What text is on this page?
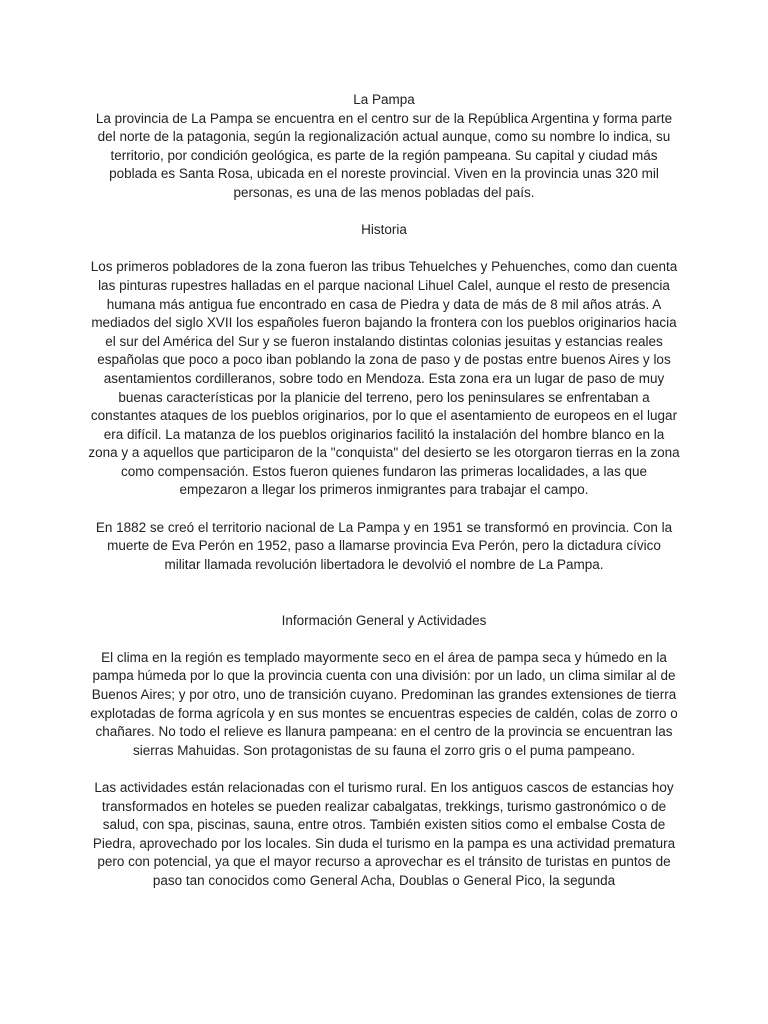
La Pampa

La provincia de La Pampa se encuentra en el centro sur de la República Argentina y forma parte del norte de la patagonia, según la regionalización actual aunque, como su nombre lo indica, su territorio, por condición geológica, es parte de la región pampeana. Su capital y ciudad más poblada es Santa Rosa, ubicada en el noreste provincial. Viven en la provincia unas 320 mil personas, es una de las menos pobladas del país.

Historia

Los primeros pobladores de la zona fueron las tribus Tehuelches y Pehuenches, como dan cuenta las pinturas rupestres halladas en el parque nacional Lihuel Calel, aunque el resto de presencia humana más antigua fue encontrado en casa de Piedra y data de más de 8 mil años atrás. A mediados del siglo XVII los españoles fueron bajando la frontera con los pueblos originarios hacia el sur del América del Sur y se fueron instalando distintas colonias jesuitas y estancias reales españolas que poco a poco iban poblando la zona de paso y de postas entre buenos Aires y los asentamientos cordilleranos, sobre todo en Mendoza. Esta zona era un lugar de paso de muy buenas características por la planicie del terreno, pero los peninsulares se enfrentaban a constantes ataques de los pueblos originarios, por lo que el asentamiento de europeos en el lugar era difícil. La matanza de los pueblos originarios facilitó la instalación del hombre blanco en la zona y a aquellos que participaron de la "conquista" del desierto se les otorgaron tierras en la zona como compensación. Estos fueron quienes fundaron las primeras localidades, a las que empezaron a llegar los primeros inmigrantes para trabajar el campo.

En 1882 se creó el territorio nacional de La Pampa y en 1951 se transformó en provincia. Con la muerte de Eva Perón en 1952, paso a llamarse provincia Eva Perón, pero la dictadura cívico militar llamada revolución libertadora le devolvió el nombre de La Pampa.

Información General y Actividades

El clima en la región es templado mayormente seco en el área de pampa seca y húmedo en la pampa húmeda por lo que la provincia cuenta con una división: por un lado, un clima similar al de Buenos Aires; y por otro, uno de transición cuyano. Predominan las grandes extensiones de tierra explotadas de forma agrícola y en sus montes se encuentras especies de caldén, colas de zorro o chañares. No todo el relieve es llanura pampeana: en el centro de la provincia se encuentran las sierras Mahuidas. Son protagonistas de su fauna el zorro gris o el puma pampeano.

Las actividades están relacionadas con el turismo rural. En los antiguos cascos de estancias hoy transformados en hoteles se pueden realizar cabalgatas, trekkings, turismo gastronómico o de salud, con spa, piscinas, sauna, entre otros. También existen sitios como el embalse Costa de Piedra, aprovechado por los locales. Sin duda el turismo en la pampa es una actividad prematura pero con potencial, ya que el mayor recurso a aprovechar es el tránsito de turistas en puntos de paso tan conocidos como General Acha, Doublas o General Pico, la segunda
